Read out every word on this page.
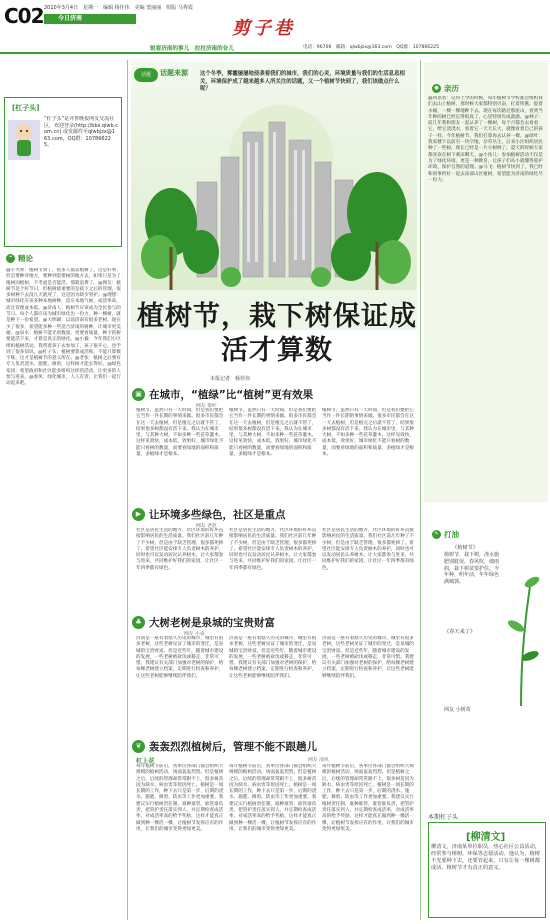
C02 2010年3月4日　星期一　编辑 杨佳伟　美编 窦丽丽　组版 马秀霞
今日济南	剪子巷
锐看济南的事儿　拉拉济南的旮儿	电话：96706　邮箱：qlwbjzx@163.com　QQ群：107866225
[杠子头]
“杠子头”是齐鲁晚报网友交流社区，欢迎登录(http://bbs.qlwb.com.cn) 或发邮件至qlwbjzx@163.com，QQ群：107866225。
❝ 精论
@小火柴：植树节到了，很多人都去植树了，这是好事，但是要种对地方，要种到需要树的地方去，如果只是为了植树而植树，不考虑是否能活，那就浪费了。@网友：植树节是个好节日，但植树最重要的是栽下之后的管理，很多树种下去没几天就死了，这是因为缺少管护。@理想：城市绿化应该多种本地树种，适应本地气候，成活率高，而且管理成本低。@济南人：植树节应该成为全民参与的节日，每个人都应该为城市绿化出一份力，种一棵树，就是种下一份希望。@大明湖：以前济南有很多老树，现在少了很多，希望能多种一些适合济南的树种，让城市更美丽。@泉水：植树不能光看数量，更要看质量，种下的树要能活下来，才算是真正的绿化。@小毅：今年我们小区组织植树活动，我带着孩子去参加了，孩子很开心，也学到了很多知识。@杠子头：植树要算成活账，不能只算数字账，这才是植树节的意义所在。@老张：植树之后要有专人负责浇水、施肥、修剪，这样树才能长得好。@绿色家园：希望政府和社区能多组织这样的活动，让更多的人参与进来。@春风：绿化城市，人人有责，让我们一起行动起来吧。
话题	话题来源 这个冬季，雾霾屡屡地侵袭着我们的城市，我们的心灵，环境质量与我们的生活息息相关，环境保护成了越来越多人所关注的话题，又一个植树节快到了，我们该做点什么呢？
植树节，栽下树保证成活才算数
本报记者　杨佳伟
▣ 在城市，“植绿”比“植树”更有效果
网友 茶叶
植树节，虽然只有一天时间，但是我们要把它当作一件长期的事情来做。很多市民都会在这一天去植树，但是植完之后就不管了，结果很多树都没有活下来。我认为在城市里，与其种大树，不如多种一些花草灌木，这样见效快，成本低，效果好。城市绿化不能只看树的数量，而要看绿地的面积和质量，多植绿才是根本。
植树节，虽然只有一天时间，但是我们要把它当作一件长期的事情来做。很多市民都会在这一天去植树，但是植完之后就不管了，结果很多树都没有活下来。我认为在城市里，与其种大树，不如多种一些花草灌木，这样见效快，成本低，效果好。城市绿化不能只看树的数量，而要看绿地的面积和质量，多植绿才是根本。
植树节，虽然只有一天时间，但是我们要把它当作一件长期的事情来做。很多市民都会在这一天去植树，但是植完之后就不管了，结果很多树都没有活下来。我认为在城市里，与其种大树，不如多种一些花草灌木，这样见效快，成本低，效果好。城市绿化不能只看树的数量，而要看绿地的面积和质量，多植绿才是根本。
▶ 让环境多些绿色，社区是重点
网友 老赵
社区是居民生活的地方，社区环境的好坏直接影响居民的生活质量。我们社区前几年种了不少树，但是由于缺乏管理，很多都死掉了。希望社区能安排专人负责树木的养护，同时也可以发动居民认养树木，让大家都参与进来，共同维护好我们的家园，让社区一年四季都有绿色。
社区是居民生活的地方，社区环境的好坏直接影响居民的生活质量。我们社区前几年种了不少树，但是由于缺乏管理，很多都死掉了。希望社区能安排专人负责树木的养护，同时也可以发动居民认养树木，让大家都参与进来，共同维护好我们的家园，让社区一年四季都有绿色。
社区是居民生活的地方，社区环境的好坏直接影响居民的生活质量。我们社区前几年种了不少树，但是由于缺乏管理，很多都死掉了。希望社区能安排专人负责树木的养护，同时也可以发动居民认养树木，让大家都参与进来，共同维护好我们的家园，让社区一年四季都有绿色。
♣ 大树老树是泉城的宝贵财富
网友 小泉
济南是一座有着悠久历史的城市，城里有很多老树，这些老树见证了城市的变迁，是泉城的宝贵财富。但是近些年，随着城市建设的发展，一些老树被砍伐或移走，非常可惜。我建议有关部门加强对老树的保护，给每棵老树建立档案，定期进行检查和养护，让这些老树能够继续陪伴我们。
济南是一座有着悠久历史的城市，城里有很多老树，这些老树见证了城市的变迁，是泉城的宝贵财富。但是近些年，随着城市建设的发展，一些老树被砍伐或移走，非常可惜。我建议有关部门加强对老树的保护，给每棵老树建立档案，定期进行检查和养护，让这些老树能够继续陪伴我们。
济南是一座有着悠久历史的城市，城里有很多老树，这些老树见证了城市的变迁，是泉城的宝贵财富。但是近些年，随着城市建设的发展，一些老树被砍伐或移走，非常可惜。我建议有关部门加强对老树的保护，给每棵老树建立档案，定期进行检查和养护，让这些老树能够继续陪伴我们。
❦ 轰轰烈烈植树后，管理不能不跟趟儿
杠上花	网友 清风
每年植树节前后，各单位各部门都会组织大规模的植树活动，场面轰轰烈烈。但是植树之后，后续的管理却常常跟不上，很多树苗因为缺水、病虫害等原因死亡。植树是一项长期的工作，种下去只是第一步，后期的浇水、施肥、修剪、防虫等工作更加重要。我建议实行植树责任制，谁种谁管，谁管谁负责，把管护责任落实到人，并定期检查成活率，对成活率高的给予奖励，这样才能真正做到种一棵活一棵，让植树节发挥应有的作用，让我们的城市变得更绿更美。
每年植树节前后，各单位各部门都会组织大规模的植树活动，场面轰轰烈烈。但是植树之后，后续的管理却常常跟不上，很多树苗因为缺水、病虫害等原因死亡。植树是一项长期的工作，种下去只是第一步，后期的浇水、施肥、修剪、防虫等工作更加重要。我建议实行植树责任制，谁种谁管，谁管谁负责，把管护责任落实到人，并定期检查成活率，对成活率高的给予奖励，这样才能真正做到种一棵活一棵，让植树节发挥应有的作用，让我们的城市变得更绿更美。
每年植树节前后，各单位各部门都会组织大规模的植树活动，场面轰轰烈烈。但是植树之后，后续的管理却常常跟不上，很多树苗因为缺水、病虫害等原因死亡。植树是一项长期的工作，种下去只是第一步，后期的浇水、施肥、修剪、防虫等工作更加重要。我建议实行植树责任制，谁种谁管，谁管谁负责，把管护责任落实到人，并定期检查成活率，对成活率高的给予奖励，这样才能真正做到种一棵活一棵，让植树节发挥应有的作用，让我们的城市变得更绿更美。
● 亲历
@风语者：记得上学的时候，每年植树节学校都会组织我们去山上植树，那时候大家都特别兴奋，扛着铁锹，提着水桶，一棵一棵地种下去。现在每次路过那座山，看到当年种的树已经长得很高了，心里特别有成就感。@林子：前几年我和朋友一起认养了一棵树，每个月都会去看看它，给它浇浇水，看着它一天天长大，就像看着自己的孩子一样。今年植树节，我们打算再去认养一棵。@绿叶：我家楼下以前有一块空地，杂草丛生，后来小区组织居民种了一些树，现在已经是一片小树林了，夏天的时候大家都喜欢在树下乘凉聊天。@小鱼儿：参加植树活动不仅是为了绿化环境，更是一种教育，让孩子们从小就懂得爱护环境、保护自然的道理。@马飞：植树节快到了，我已经和同事约好一起去南部山区植树，希望能为济南的绿化尽一份力。
✎ 打油
《植树节》
植树节，栽下树，浇水施肥别耽误。春风吹，细雨润，栽下树苗要护住。今年种，明年活，年年绿色满城郭。
《春天来了》
网友 小树苗
本期杠子头
[柳清文]
柳清文，济南某单位职员，热心社区公益活动，经常参与植树、环保等志愿活动。他认为，植树不光要种下去，还要管起来，只有让每一棵树都成活，植树节才有真正的意义。
